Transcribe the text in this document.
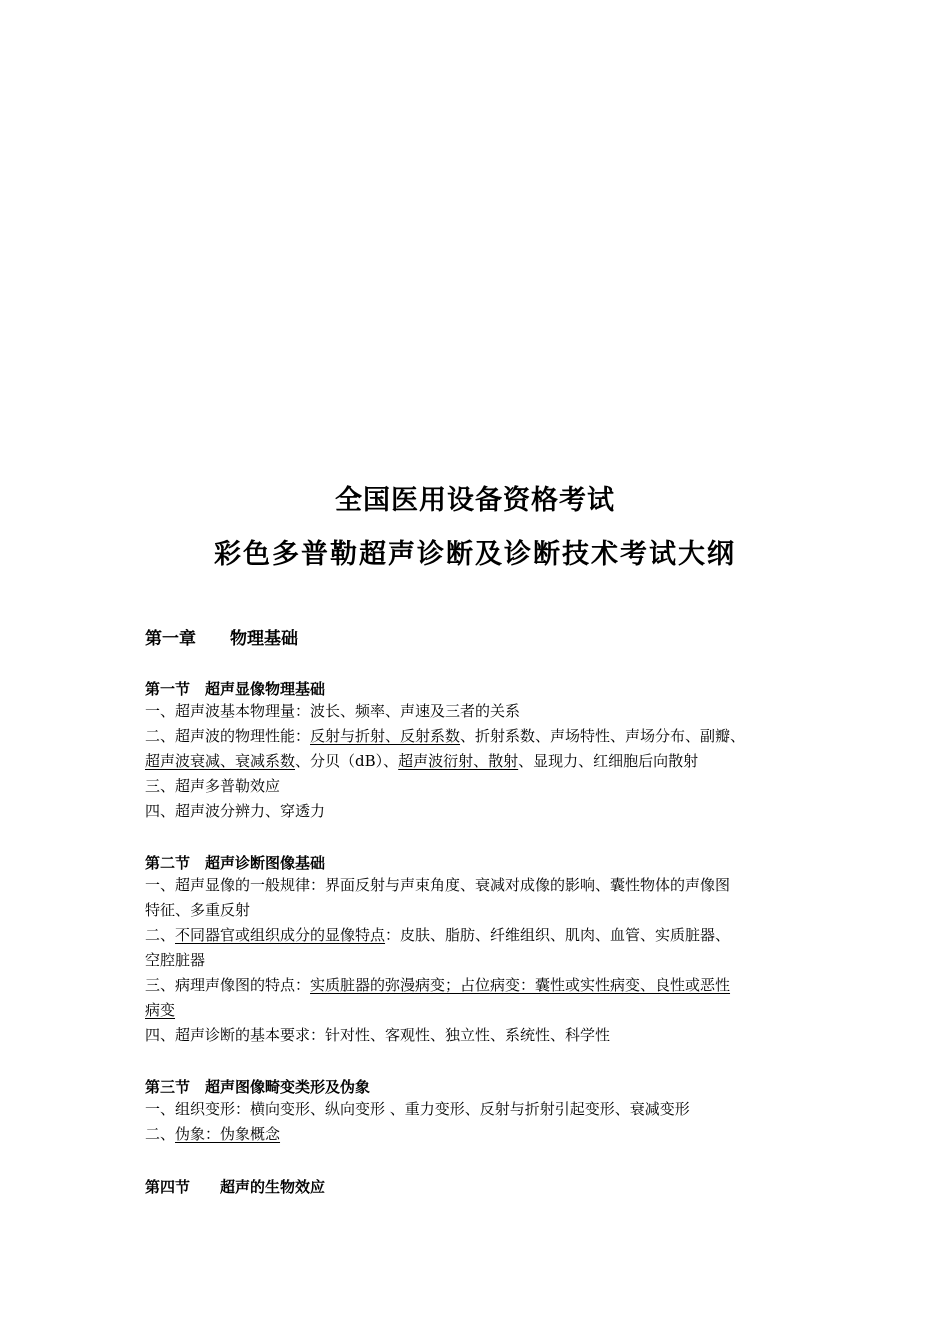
全国医用设备资格考试
彩色多普勒超声诊断及诊断技术考试大纲
第一章　　物理基础
第一节　超声显像物理基础
一、超声波基本物理量：波长、频率、声速及三者的关系
二、超声波的物理性能：反射与折射、反射系数、折射系数、声场特性、声场分布、副瓣、
超声波衰减、衰减系数、分贝（dB）、超声波衍射、散射、显现力、红细胞后向散射
三、超声多普勒效应
四、超声波分辨力、穿透力
第二节　超声诊断图像基础
一、超声显像的一般规律：界面反射与声束角度、衰减对成像的影响、囊性物体的声像图
特征、多重反射
二、不同器官或组织成分的显像特点：皮肤、脂肪、纤维组织、肌肉、血管、实质脏器、
空腔脏器
三、病理声像图的特点：实质脏器的弥漫病变；占位病变：囊性或实性病变、良性或恶性
病变
四、超声诊断的基本要求：针对性、客观性、独立性、系统性、科学性
第三节　超声图像畸变类形及伪象
一、组织变形：横向变形、纵向变形 、重力变形、反射与折射引起变形、衰减变形
二、伪象：伪象概念
第四节　　超声的生物效应
